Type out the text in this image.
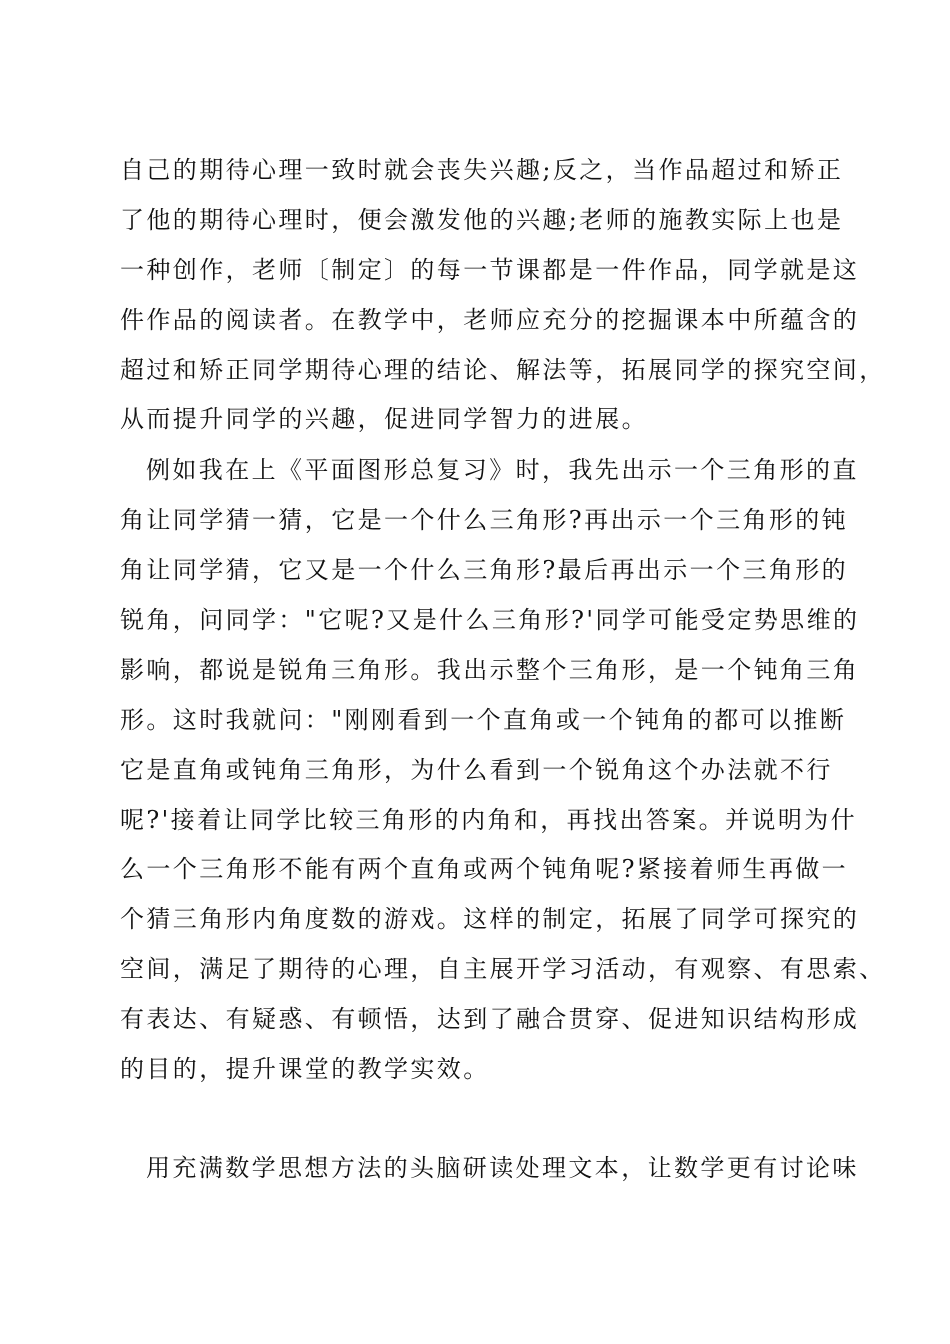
自己的期待心理一致时就会丧失兴趣;反之，当作品超过和矫正
了他的期待心理时，便会激发他的兴趣;老师的施教实际上也是
一种创作，老师〔制定〕的每一节课都是一件作品，同学就是这
件作品的阅读者。在教学中，老师应充分的挖掘课本中所蕴含的
超过和矫正同学期待心理的结论、解法等，拓展同学的探究空间，
从而提升同学的兴趣，促进同学智力的进展。
例如我在上《平面图形总复习》时，我先出示一个三角形的直
角让同学猜一猜，它是一个什么三角形?再出示一个三角形的钝
角让同学猜，它又是一个什么三角形?最后再出示一个三角形的
锐角，问同学："它呢?又是什么三角形?'同学可能受定势思维的
影响，都说是锐角三角形。我出示整个三角形，是一个钝角三角
形。这时我就问："刚刚看到一个直角或一个钝角的都可以推断
它是直角或钝角三角形，为什么看到一个锐角这个办法就不行
呢?'接着让同学比较三角形的内角和，再找出答案。并说明为什
么一个三角形不能有两个直角或两个钝角呢?紧接着师生再做一
个猜三角形内角度数的游戏。这样的制定，拓展了同学可探究的
空间，满足了期待的心理，自主展开学习活动，有观察、有思索、
有表达、有疑惑、有顿悟，达到了融合贯穿、促进知识结构形成
的目的，提升课堂的教学实效。
用充满数学思想方法的头脑研读处理文本，让数学更有讨论味
